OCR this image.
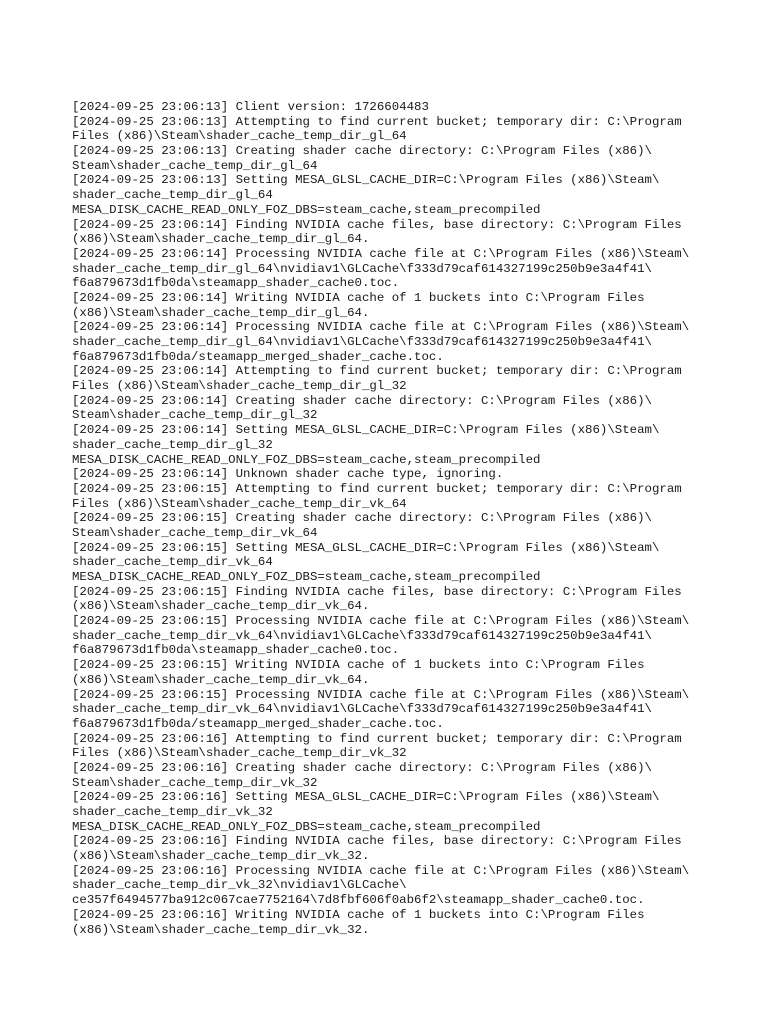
[2024-09-25 23:06:13] Client version: 1726604483
[2024-09-25 23:06:13] Attempting to find current bucket; temporary dir: C:\Program
Files (x86)\Steam\shader_cache_temp_dir_gl_64
[2024-09-25 23:06:13] Creating shader cache directory: C:\Program Files (x86)\
Steam\shader_cache_temp_dir_gl_64
[2024-09-25 23:06:13] Setting MESA_GLSL_CACHE_DIR=C:\Program Files (x86)\Steam\
shader_cache_temp_dir_gl_64
MESA_DISK_CACHE_READ_ONLY_FOZ_DBS=steam_cache,steam_precompiled
[2024-09-25 23:06:14] Finding NVIDIA cache files, base directory: C:\Program Files
(x86)\Steam\shader_cache_temp_dir_gl_64.
[2024-09-25 23:06:14] Processing NVIDIA cache file at C:\Program Files (x86)\Steam\
shader_cache_temp_dir_gl_64\nvidiav1\GLCache\f333d79caf614327199c250b9e3a4f41\
f6a879673d1fb0da\steamapp_shader_cache0.toc.
[2024-09-25 23:06:14] Writing NVIDIA cache of 1 buckets into C:\Program Files
(x86)\Steam\shader_cache_temp_dir_gl_64.
[2024-09-25 23:06:14] Processing NVIDIA cache file at C:\Program Files (x86)\Steam\
shader_cache_temp_dir_gl_64\nvidiav1\GLCache\f333d79caf614327199c250b9e3a4f41\
f6a879673d1fb0da/steamapp_merged_shader_cache.toc.
[2024-09-25 23:06:14] Attempting to find current bucket; temporary dir: C:\Program
Files (x86)\Steam\shader_cache_temp_dir_gl_32
[2024-09-25 23:06:14] Creating shader cache directory: C:\Program Files (x86)\
Steam\shader_cache_temp_dir_gl_32
[2024-09-25 23:06:14] Setting MESA_GLSL_CACHE_DIR=C:\Program Files (x86)\Steam\
shader_cache_temp_dir_gl_32
MESA_DISK_CACHE_READ_ONLY_FOZ_DBS=steam_cache,steam_precompiled
[2024-09-25 23:06:14] Unknown shader cache type, ignoring.
[2024-09-25 23:06:15] Attempting to find current bucket; temporary dir: C:\Program
Files (x86)\Steam\shader_cache_temp_dir_vk_64
[2024-09-25 23:06:15] Creating shader cache directory: C:\Program Files (x86)\
Steam\shader_cache_temp_dir_vk_64
[2024-09-25 23:06:15] Setting MESA_GLSL_CACHE_DIR=C:\Program Files (x86)\Steam\
shader_cache_temp_dir_vk_64
MESA_DISK_CACHE_READ_ONLY_FOZ_DBS=steam_cache,steam_precompiled
[2024-09-25 23:06:15] Finding NVIDIA cache files, base directory: C:\Program Files
(x86)\Steam\shader_cache_temp_dir_vk_64.
[2024-09-25 23:06:15] Processing NVIDIA cache file at C:\Program Files (x86)\Steam\
shader_cache_temp_dir_vk_64\nvidiav1\GLCache\f333d79caf614327199c250b9e3a4f41\
f6a879673d1fb0da\steamapp_shader_cache0.toc.
[2024-09-25 23:06:15] Writing NVIDIA cache of 1 buckets into C:\Program Files
(x86)\Steam\shader_cache_temp_dir_vk_64.
[2024-09-25 23:06:15] Processing NVIDIA cache file at C:\Program Files (x86)\Steam\
shader_cache_temp_dir_vk_64\nvidiav1\GLCache\f333d79caf614327199c250b9e3a4f41\
f6a879673d1fb0da/steamapp_merged_shader_cache.toc.
[2024-09-25 23:06:16] Attempting to find current bucket; temporary dir: C:\Program
Files (x86)\Steam\shader_cache_temp_dir_vk_32
[2024-09-25 23:06:16] Creating shader cache directory: C:\Program Files (x86)\
Steam\shader_cache_temp_dir_vk_32
[2024-09-25 23:06:16] Setting MESA_GLSL_CACHE_DIR=C:\Program Files (x86)\Steam\
shader_cache_temp_dir_vk_32
MESA_DISK_CACHE_READ_ONLY_FOZ_DBS=steam_cache,steam_precompiled
[2024-09-25 23:06:16] Finding NVIDIA cache files, base directory: C:\Program Files
(x86)\Steam\shader_cache_temp_dir_vk_32.
[2024-09-25 23:06:16] Processing NVIDIA cache file at C:\Program Files (x86)\Steam\
shader_cache_temp_dir_vk_32\nvidiav1\GLCache\
ce357f6494577ba912c067cae7752164\7d8fbf606f0ab6f2\steamapp_shader_cache0.toc.
[2024-09-25 23:06:16] Writing NVIDIA cache of 1 buckets into C:\Program Files
(x86)\Steam\shader_cache_temp_dir_vk_32.
